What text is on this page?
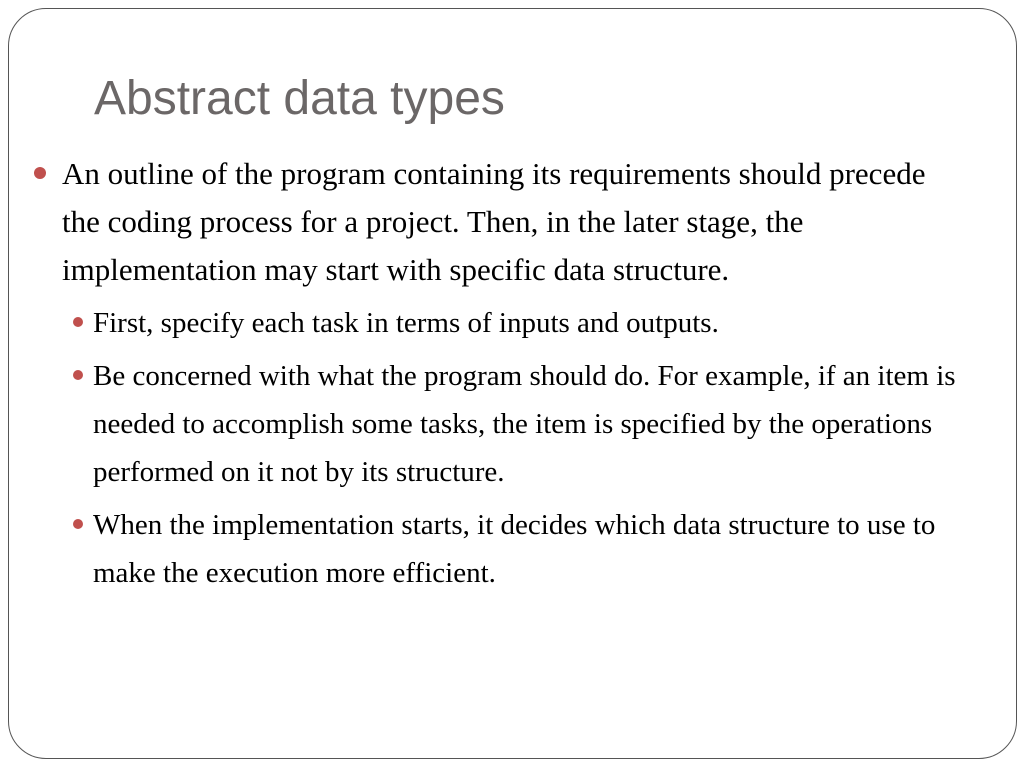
Abstract data types

An outline of the program containing its requirements should precede the coding process for a project. Then, in the later stage, the implementation may start with specific data structure.

First, specify each task in terms of inputs and outputs.

Be concerned with what the program should do. For example, if an item is needed to accomplish some tasks, the item is specified by the operations performed on it not by its structure.

When the implementation starts, it decides which data structure to use to make the execution more efficient.
